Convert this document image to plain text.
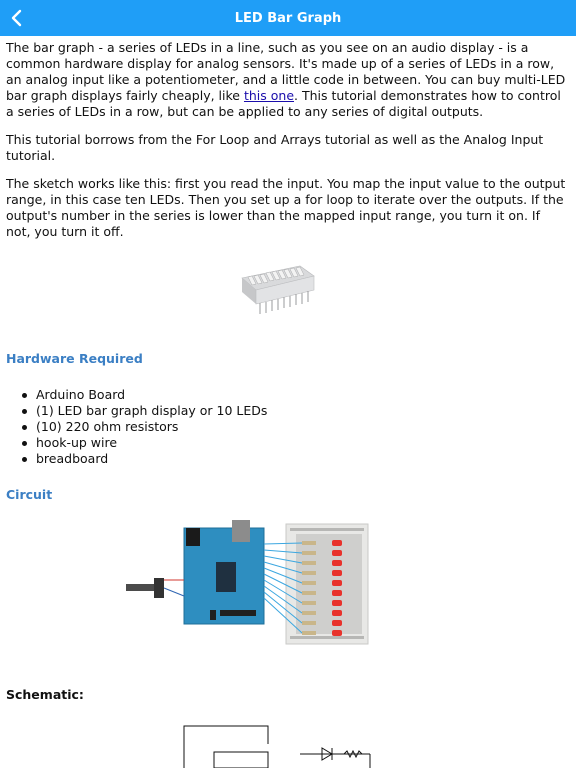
LED Bar Graph

The bar graph - a series of LEDs in a line, such as you see on an audio display - is a common hardware display for analog sensors. It's made up of a series of LEDs in a row, an analog input like a potentiometer, and a little code in between. You can buy multi-LED bar graph displays fairly cheaply, like this one. This tutorial demonstrates how to control a series of LEDs in a row, but can be applied to any series of digital outputs.

This tutorial borrows from the For Loop and Arrays tutorial as well as the Analog Input tutorial.

The sketch works like this: first you read the input. You map the input value to the output range, in this case ten LEDs. Then you set up a for loop to iterate over the outputs. If the output's number in the series is lower than the mapped input range, you turn it on. If not, you turn it off.

Hardware Required
Arduino Board
(1) LED bar graph display or 10 LEDs
(10) 220 ohm resistors
hook-up wire
breadboard
Circuit
Schematic:
